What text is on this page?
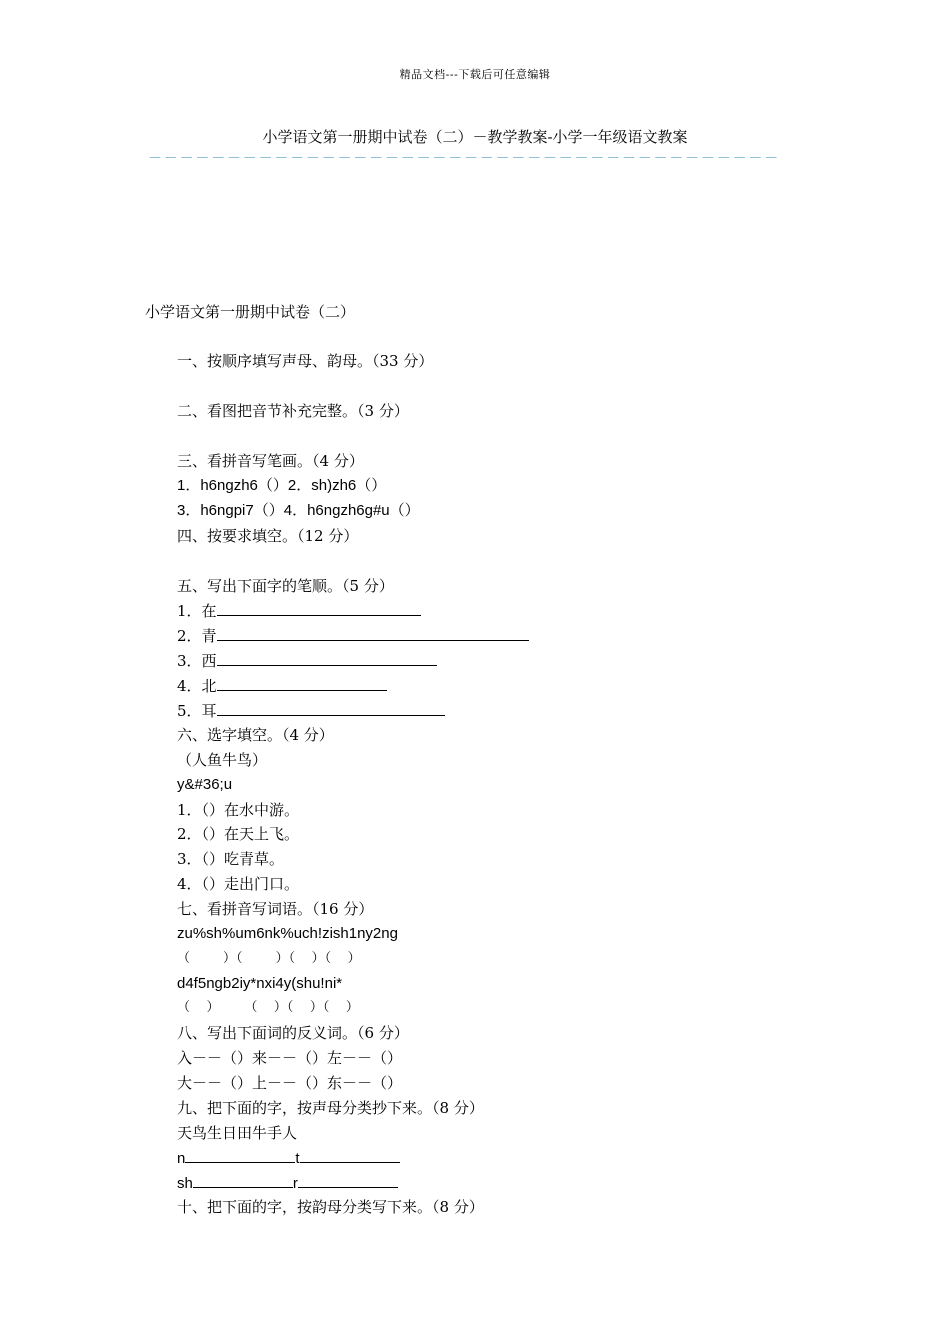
精品文档---下载后可任意编辑
小学语文第一册期中试卷（二）－教学教案-小学一年级语文教案
－－－－－－－－－－－－－－－－－－－－－－－－－－－－－－－－－－－－－－－－
小学语文第一册期中试卷（二）
一、按顺序填写声母、韵母。（33 分）
二、看图把音节补充完整。（3 分）
三、看拼音写笔画。（4 分）
1．h6ngzh6（）2．sh)zh6（）
3．h6ngpi7（）4．h6ngzh6g#u（）
四、按要求填空。（12 分）
五、写出下面字的笔顺。（5 分）
1．在
2．青
3．西
4．北
5．耳
六、选字填空。（4 分）
（人鱼牛鸟）
y&#36;u
1．（）在水中游。
2．（）在天上飞。
3．（）吃青草。
4．（）走出门口。
七、看拼音写词语。（16 分）
zu%sh%um6nk%uch!zish1ny2ng
（        ）（        ）（    ）（    ）
d4f5ngb2iy*nxi4y(shu!ni*
（    ）      （    ）（    ）（    ）
八、写出下面词的反义词。（6 分）
入－－（）来－－（）左－－（）
大－－（）上－－（）东－－（）
九、把下面的字，按声母分类抄下来。（8 分）
天鸟生日田牛手人
n	t
sh	r
十、把下面的字，按韵母分类写下来。（8 分）
